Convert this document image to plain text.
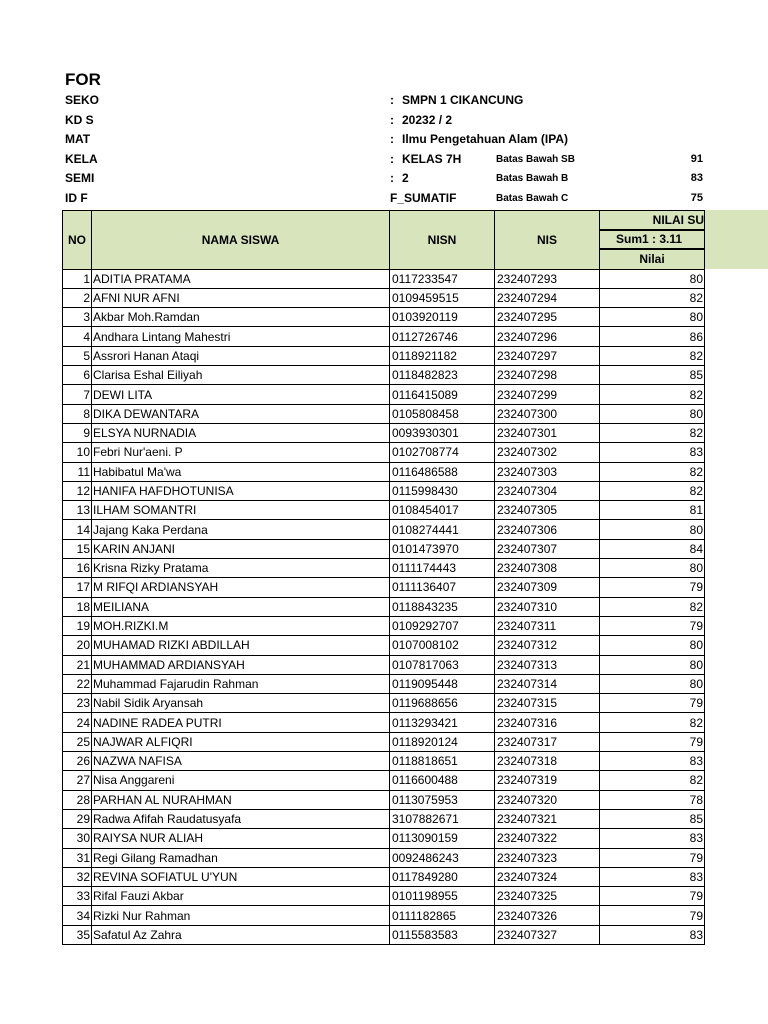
FOR
SEKO	: SMPN 1 CIKANCUNG
KD S	: 20232 / 2
MAT	: Ilmu Pengetahuan Alam (IPA)
KELA	: KELAS 7H	Batas Bawah SB	91
SEMI	: 2	Batas Bawah B	83
ID F	F_SUMATIF	Batas Bawah C	75
NO	NAMA SISWA	NISN	NIS	NILAI SU

				Sum1 : 3.11

				Nilai
1	ADITIA PRATAMA	0117233547	232407293	80
2	AFNI NUR AFNI	0109459515	232407294	82
3	Akbar Moh.Ramdan	0103920119	232407295	80
4	Andhara Lintang Mahestri	0112726746	232407296	86
5	Assrori Hanan Ataqi	0118921182	232407297	82
6	Clarisa Eshal Eiliyah	0118482823	232407298	85
7	DEWI LITA	0116415089	232407299	82
8	DIKA DEWANTARA	0105808458	232407300	80
9	ELSYA NURNADIA	0093930301	232407301	82
10	Febri Nur'aeni. P	0102708774	232407302	83
11	Habibatul Ma'wa	0116486588	232407303	82
12	HANIFA HAFDHOTUNISA	0115998430	232407304	82
13	ILHAM SOMANTRI	0108454017	232407305	81
14	Jajang Kaka Perdana	0108274441	232407306	80
15	KARIN ANJANI	0101473970	232407307	84
16	Krisna Rizky Pratama	0111174443	232407308	80
17	M RIFQI ARDIANSYAH	0111136407	232407309	79
18	MEILIANA	0118843235	232407310	82
19	MOH.RIZKI.M	0109292707	232407311	79
20	MUHAMAD RIZKI ABDILLAH	0107008102	232407312	80
21	MUHAMMAD ARDIANSYAH	0107817063	232407313	80
22	Muhammad Fajarudin Rahman	0119095448	232407314	80
23	Nabil Sidik Aryansah	0119688656	232407315	79
24	NADINE RADEA PUTRI	0113293421	232407316	82
25	NAJWAR ALFIQRI	0118920124	232407317	79
26	NAZWA NAFISA	0118818651	232407318	83
27	Nisa Anggareni	0116600488	232407319	82
28	PARHAN AL NURAHMAN	0113075953	232407320	78
29	Radwa Afifah Raudatusyafa	3107882671	232407321	85
30	RAIYSA NUR ALIAH	0113090159	232407322	83
31	Regi Gilang Ramadhan	0092486243	232407323	79
32	REVINA SOFIATUL U'YUN	0117849280	232407324	83
33	Rifal Fauzi Akbar	0101198955	232407325	79
34	Rizki Nur Rahman	0111182865	232407326	79
35	Safatul Az Zahra	0115583583	232407327	83
